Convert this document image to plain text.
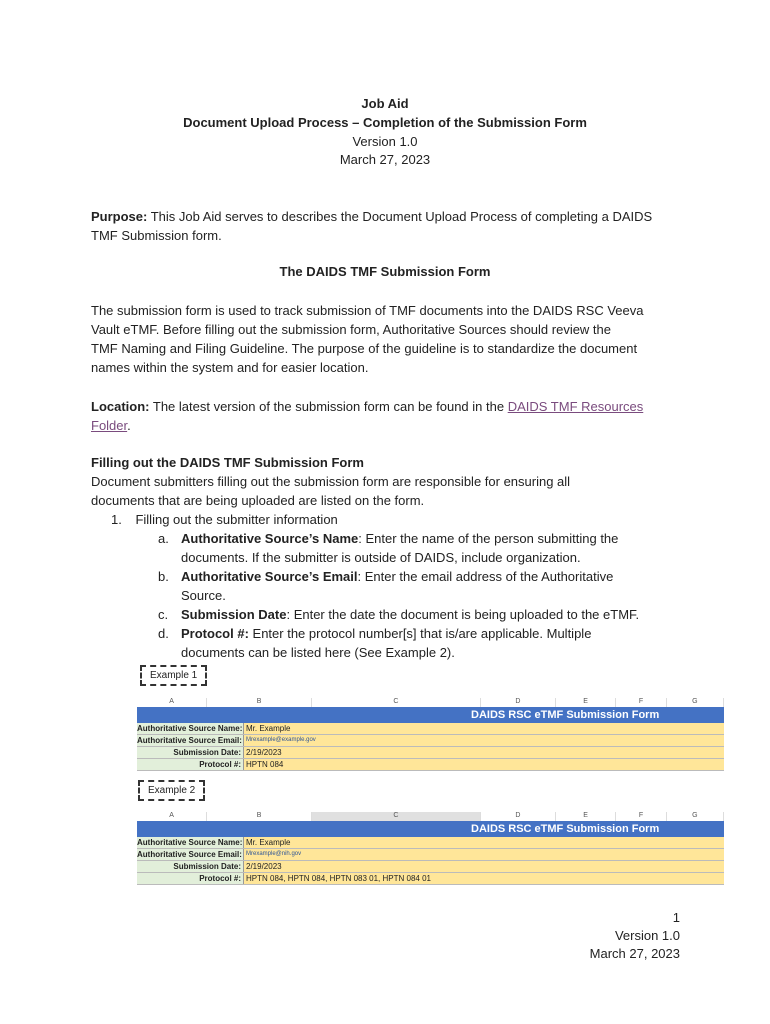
Job Aid
Document Upload Process – Completion of the Submission Form
Version 1.0
March 27, 2023
Purpose: This Job Aid serves to describes the Document Upload Process of completing a DAIDS
TMF Submission form.
The DAIDS TMF Submission Form
The submission form is used to track submission of TMF documents into the DAIDS RSC Veeva
Vault eTMF. Before filling out the submission form, Authoritative Sources should review the
TMF Naming and Filing Guideline. The purpose of the guideline is to standardize the document
names within the system and for easier location.
Location: The latest version of the submission form can be found in the DAIDS TMF Resources
Folder.
Filling out the DAIDS TMF Submission Form
Document submitters filling out the submission form are responsible for ensuring all
documents that are being uploaded are listed on the form.
1. Filling out the submitter information
a. Authoritative Source’s Name: Enter the name of the person submitting the
documents. If the submitter is outside of DAIDS, include organization.
b. Authoritative Source’s Email: Enter the email address of the Authoritative
Source.
c. Submission Date: Enter the date the document is being uploaded to the eTMF.
d. Protocol #: Enter the protocol number[s] that is/are applicable. Multiple
documents can be listed here (See Example 2).
Example 1
A	B	C	D	E	F	G
DAIDS RSC eTMF Submission Form
Authoritative Source Name: Mr. Example
Authoritative Source Email: Mrexample@example.gov
Submission Date: 2/19/2023
Protocol #: HPTN 084
Example 2
A	B	C	D	E	F	G
DAIDS RSC eTMF Submission Form
Authoritative Source Name: Mr. Example
Authoritative Source Email: Mrexample@nih.gov
Submission Date: 2/19/2023
Protocol #: HPTN 084, HPTN 084, HPTN 083 01, HPTN 084 01
1
Version 1.0
March 27, 2023
